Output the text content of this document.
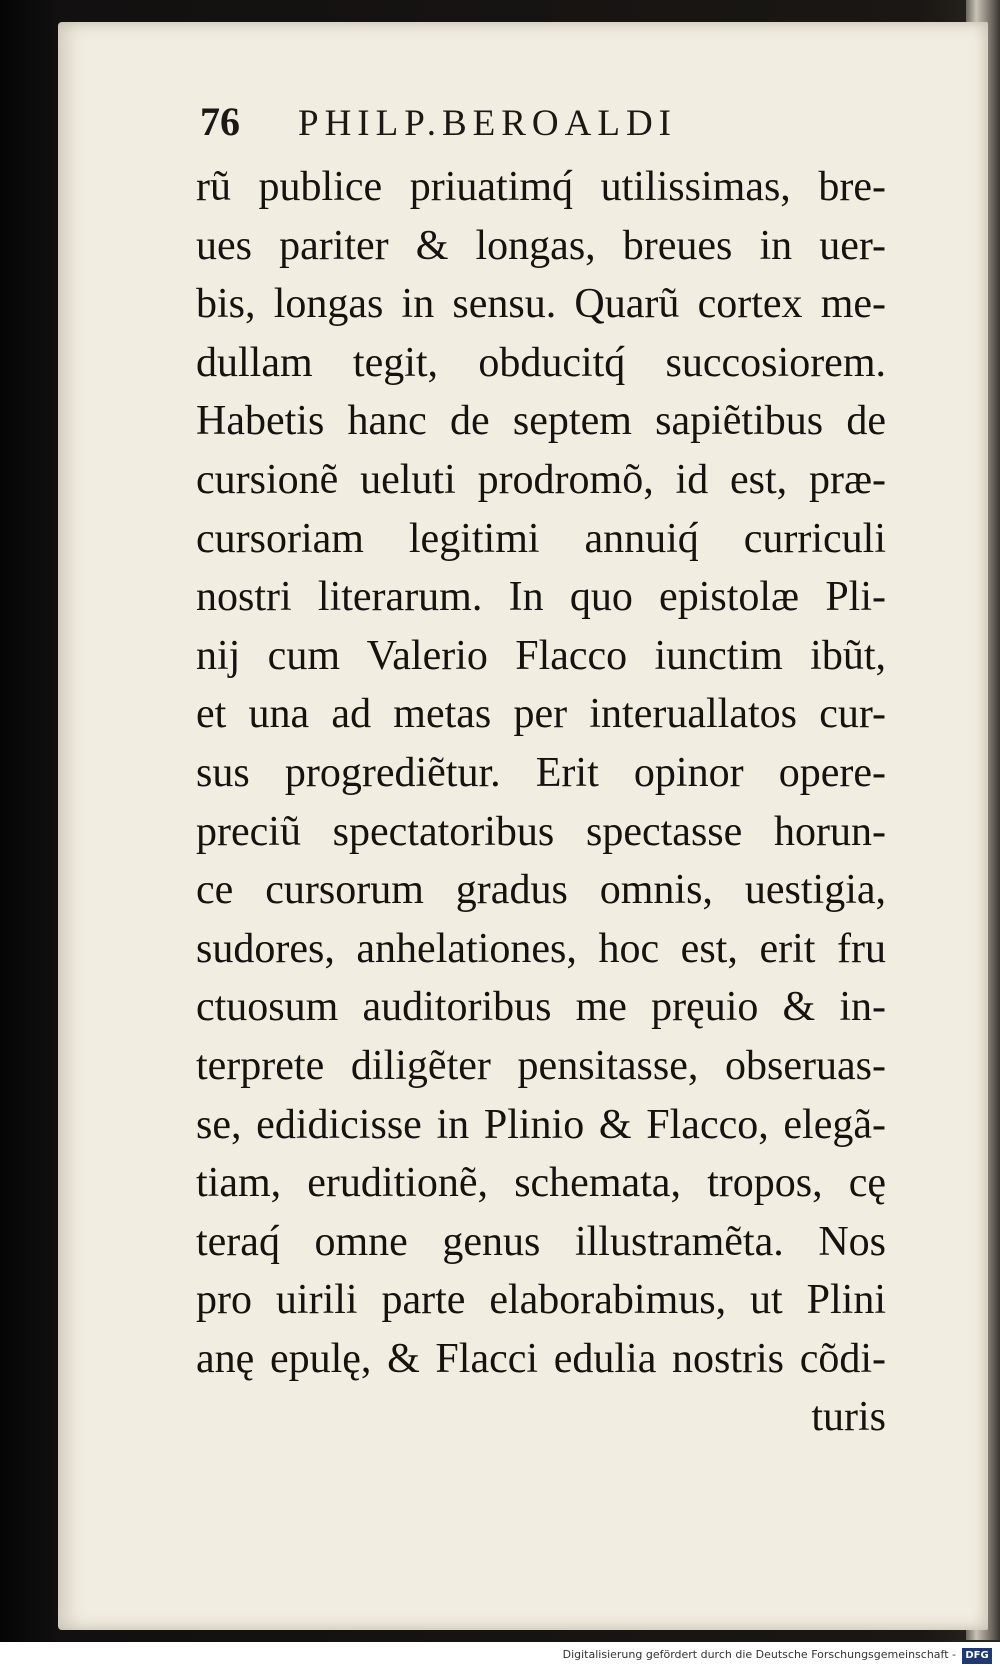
76 PHILP.BEROALDI
rũ publice priuatimq́ utilissimas, bre-
ues pariter & longas, breues in uer-
bis, longas in sensu. Quarũ cortex me-
dullam tegit, obducitq́ succosiorem.
Habetis hanc de septem sapiẽtibus de
cursionẽ ueluti prodromõ, id est, præ-
cursoriam legitimi annuiq́ curriculi
nostri literarum. In quo epistolæ Pli-
nij cum Valerio Flacco iunctim ibũt,
et una ad metas per interuallatos cur-
sus progrediẽtur. Erit opinor opere-
preciũ spectatoribus spectasse horun-
ce cursorum gradus omnis, uestigia,
sudores, anhelationes, hoc est, erit fru
ctuosum auditoribus me pręuio & in-
terprete diligẽter pensitasse, obseruas-
se, edidicisse in Plinio & Flacco, elegã-
tiam, eruditionẽ, schemata, tropos, cę
teraq́ omne genus illustramẽta. Nos
pro uirili parte elaborabimus, ut Plini
anę epulę, & Flacci edulia nostris cõdi-
turis
Digitalisierung gefördert durch die Deutsche Forschungsgemeinschaft - DFG
